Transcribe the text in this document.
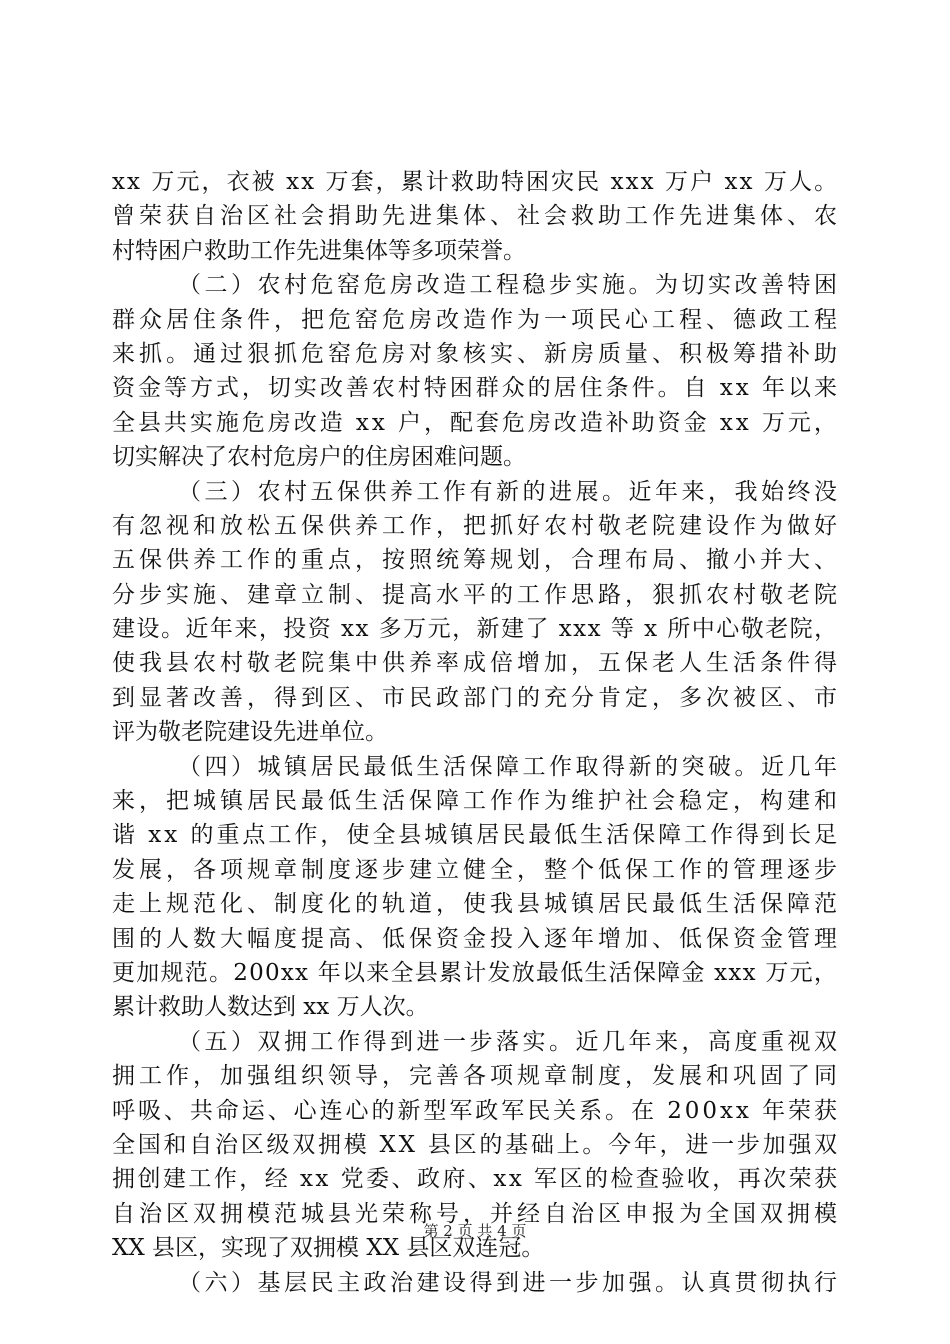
xx 万元，衣被 xx 万套，累计救助特困灾民 xxx 万户 xx 万人。
曾荣获自治区社会捐助先进集体、社会救助工作先进集体、农
村特困户救助工作先进集体等多项荣誉。
（二）农村危窑危房改造工程稳步实施。为切实改善特困
群众居住条件，把危窑危房改造作为一项民心工程、德政工程
来抓。通过狠抓危窑危房对象核实、新房质量、积极筹措补助
资金等方式，切实改善农村特困群众的居住条件。自 xx 年以来
全县共实施危房改造 xx 户，配套危房改造补助资金 xx 万元，
切实解决了农村危房户的住房困难问题。
（三）农村五保供养工作有新的进展。近年来，我始终没
有忽视和放松五保供养工作，把抓好农村敬老院建设作为做好
五保供养工作的重点，按照统筹规划，合理布局、撤小并大、
分步实施、建章立制、提高水平的工作思路，狠抓农村敬老院
建设。近年来，投资 xx 多万元，新建了 xxx 等 x 所中心敬老院，
使我县农村敬老院集中供养率成倍增加，五保老人生活条件得
到显著改善，得到区、市民政部门的充分肯定，多次被区、市
评为敬老院建设先进单位。
（四）城镇居民最低生活保障工作取得新的突破。近几年
来，把城镇居民最低生活保障工作作为维护社会稳定，构建和
谐 xx 的重点工作，使全县城镇居民最低生活保障工作得到长足
发展，各项规章制度逐步建立健全，整个低保工作的管理逐步
走上规范化、制度化的轨道，使我县城镇居民最低生活保障范
围的人数大幅度提高、低保资金投入逐年增加、低保资金管理
更加规范。200xx 年以来全县累计发放最低生活保障金 xxx 万元，
累计救助人数达到 xx 万人次。
（五）双拥工作得到进一步落实。近几年来，高度重视双
拥工作，加强组织领导，完善各项规章制度，发展和巩固了同
呼吸、共命运、心连心的新型军政军民关系。在 200xx 年荣获
全国和自治区级双拥模 XX 县区的基础上。今年，进一步加强双
拥创建工作，经 xx 党委、政府、xx 军区的检查验收，再次荣获
自治区双拥模范城县光荣称号，并经自治区申报为全国双拥模
XX 县区，实现了双拥模 XX 县区双连冠。
（六）基层民主政治建设得到进一步加强。认真贯彻执行
第 2 页 共 4 页
